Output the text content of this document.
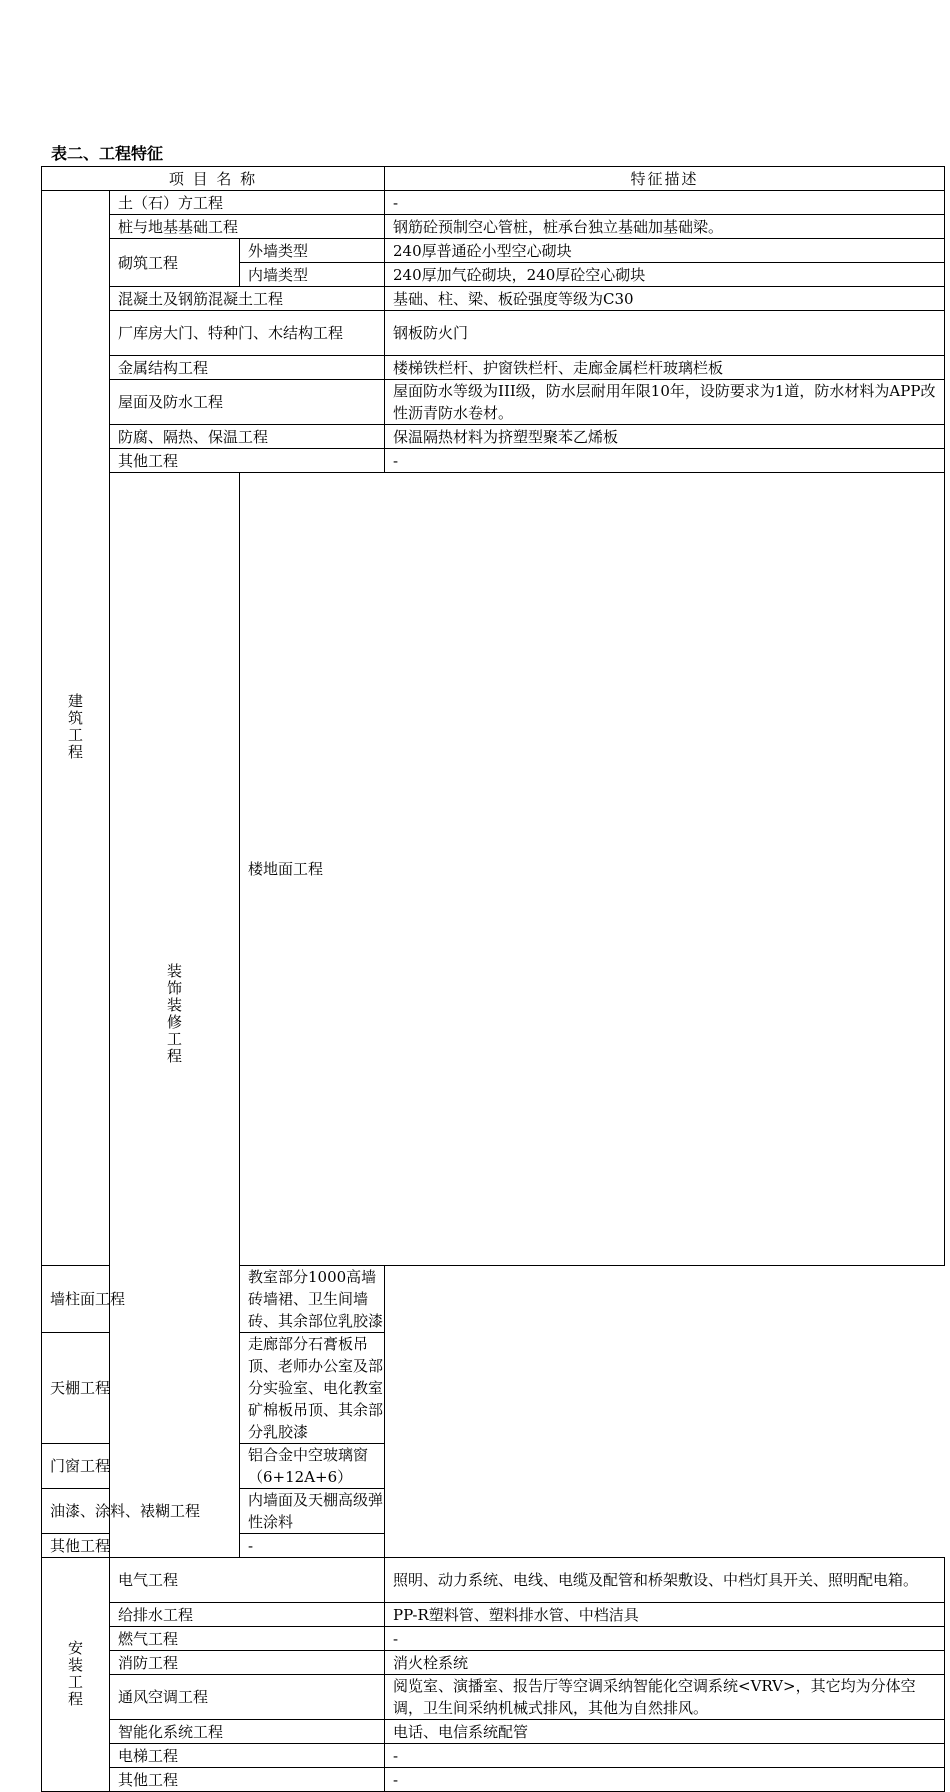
表二、工程特征
项 目 名 称			特征描述	
建筑工程	土（石）方工程		-	
	桩与地基基础工程		钢筋砼预制空心管桩，桩承台独立基础加基础梁。	
	砌筑工程	外墙类型	240厚普通砼小型空心砌块	
		内墙类型	240厚加气砼砌块，240厚砼空心砌块	
	混凝土及钢筋混凝土工程		基础、柱、梁、板砼强度等级为C30	
	厂库房大门、特种门、木结构工程		钢板防火门	
	金属结构工程		楼梯铁栏杆、护窗铁栏杆、走廊金属栏杆玻璃栏板	
	屋面及防水工程		屋面防水等级为III级，防水层耐用年限10年，设防要求为1道，防水材料为APP改性沥青防水卷材。	
	防腐、隔热、保温工程		保温隔热材料为挤塑型聚苯乙烯板	
	其他工程		-	
	装饰装修工程	楼地面工程	
墙柱面工程		教室部分1000高墙砖墙裙、卫生间墙砖、其余部位乳胶漆		
天棚工程		走廊部分石膏板吊顶、老师办公室及部分实验室、电化教室矿棉板吊顶、其余部分乳胶漆		
门窗工程		铝合金中空玻璃窗（6+12A+6）		
油漆、涂料、裱糊工程		内墙面及天棚高级弹性涂料		
其他工程		-		
安装工程	电气工程		照明、动力系统、电线、电缆及配管和桥架敷设、中档灯具开关、照明配电箱。	
	给排水工程		PP-R塑料管、塑料排水管、中档洁具	
	燃气工程		-	
	消防工程		消火栓系统	
	通风空调工程		阅览室、演播室、报告厅等空调采纳智能化空调系统<VRV>，其它均为分体空调，卫生间采纳机械式排风，其他为自然排风。	
	智能化系统工程		电话、电信系统配管	
	电梯工程		-	
	其他工程		-	
